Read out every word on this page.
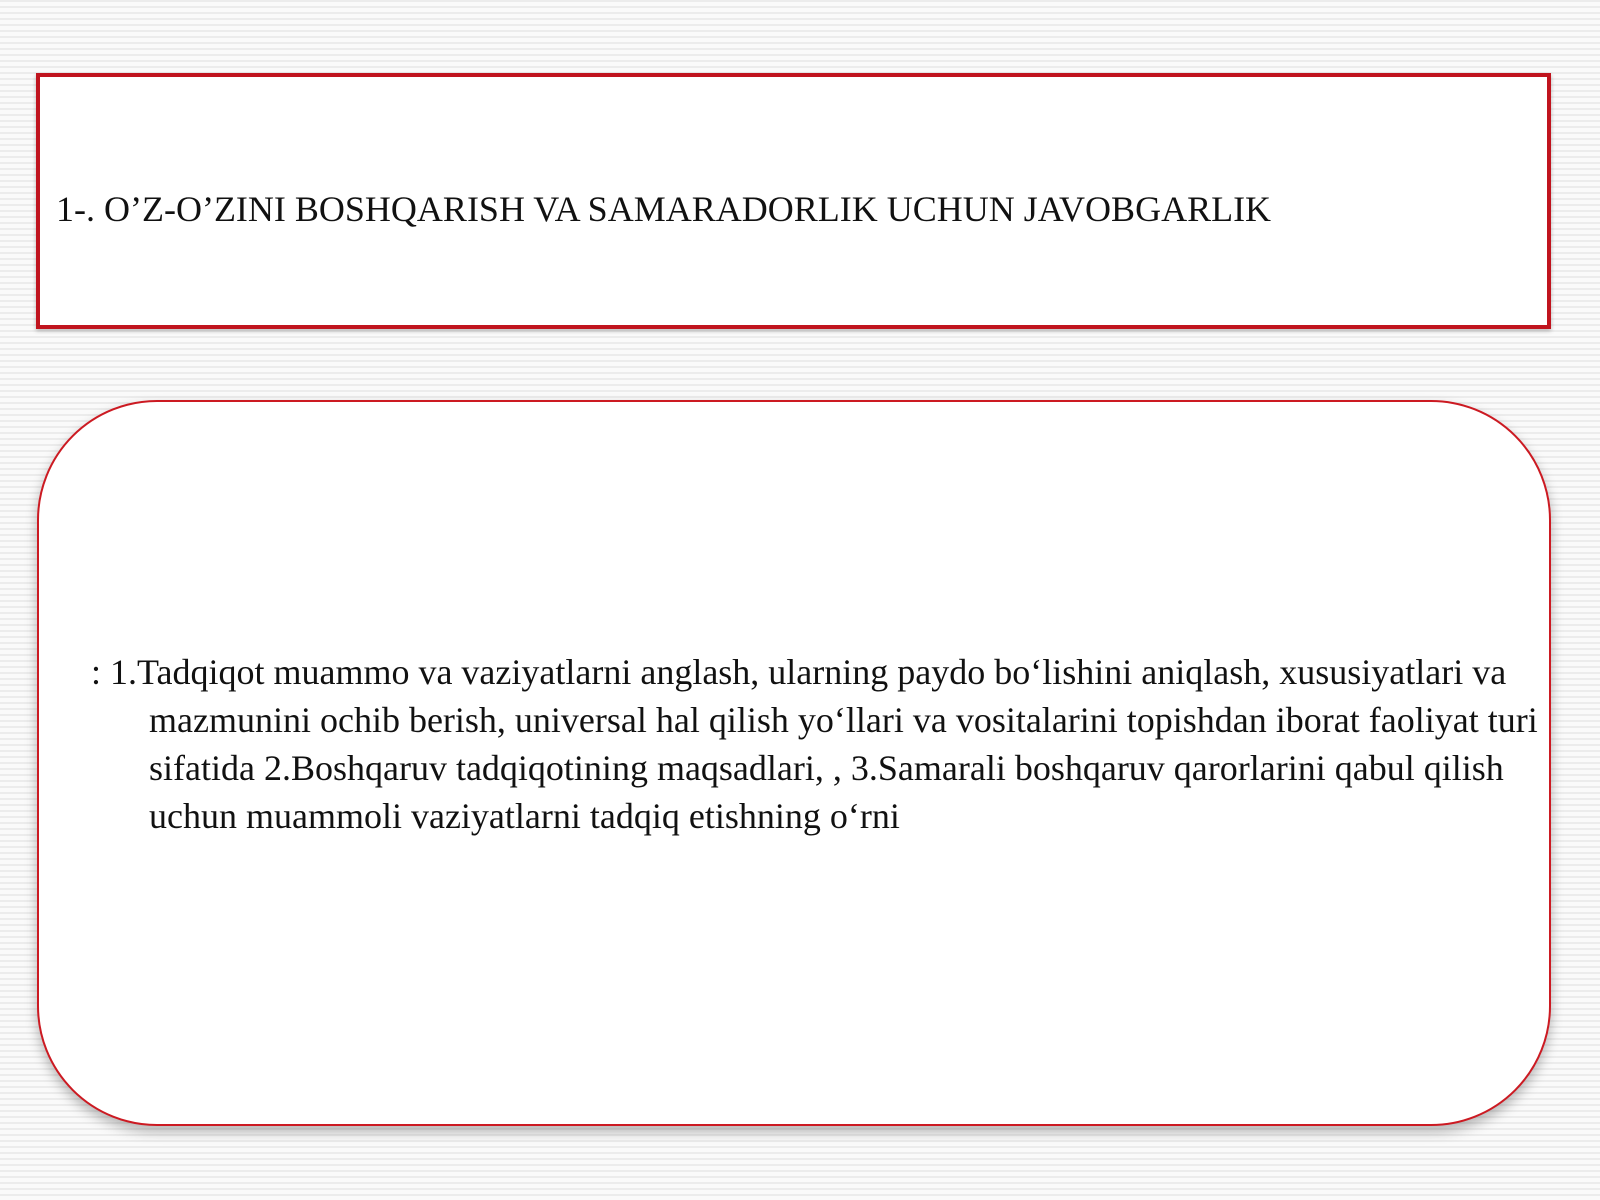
1-. O’Z-O’ZINI BOSHQARISH VA SAMARADORLIK UCHUN JAVOBGARLIK

: 1.Tadqiqot muammo va vaziyatlarni anglash, ularning paydo bo‘lishini aniqlash, xususiyatlari va mazmunini ochib berish, universal hal qilish yo‘llari va vositalarini topishdan iborat faoliyat turi sifatida 2.Boshqaruv tadqiqotining maqsadlari, , 3.Samarali boshqaruv qarorlarini qabul qilish uchun muammoli vaziyatlarni tadqiq etishning o‘rni
